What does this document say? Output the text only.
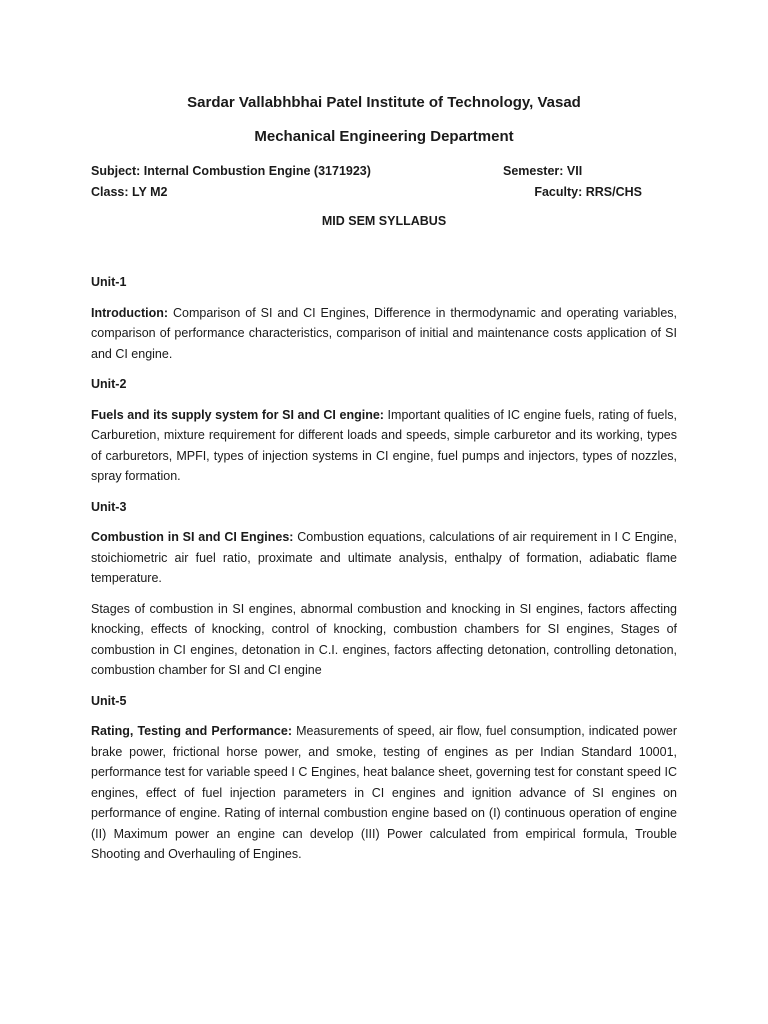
Sardar Vallabhbhai Patel Institute of Technology, Vasad
Mechanical Engineering Department
Subject: Internal Combustion Engine (3171923)	Semester: VII
Class: LY M2	Faculty: RRS/CHS
MID SEM SYLLABUS
Unit-1

Introduction: Comparison of SI and CI Engines, Difference in thermodynamic and operating variables, comparison of performance characteristics, comparison of initial and maintenance costs application of SI and CI engine.

Unit-2

Fuels and its supply system for SI and CI engine: Important qualities of IC engine fuels, rating of fuels, Carburetion, mixture requirement for different loads and speeds, simple carburetor and its working, types of carburetors, MPFI, types of injection systems in CI engine, fuel pumps and injectors, types of nozzles, spray formation.

Unit-3

Combustion in SI and CI Engines: Combustion equations, calculations of air requirement in I C Engine, stoichiometric air fuel ratio, proximate and ultimate analysis, enthalpy of formation, adiabatic flame temperature.

Stages of combustion in SI engines, abnormal combustion and knocking in SI engines, factors affecting knocking, effects of knocking, control of knocking, combustion chambers for SI engines, Stages of combustion in CI engines, detonation in C.I. engines, factors affecting detonation, controlling detonation, combustion chamber for SI and CI engine

Unit-5

Rating, Testing and Performance: Measurements of speed, air flow, fuel consumption, indicated power brake power, frictional horse power, and smoke, testing of engines as per Indian Standard 10001, performance test for variable speed I C Engines, heat balance sheet, governing test for constant speed IC engines, effect of fuel injection parameters in CI engines and ignition advance of SI engines on performance of engine. Rating of internal combustion engine based on (I) continuous operation of engine (II) Maximum power an engine can develop (III) Power calculated from empirical formula, Trouble Shooting and Overhauling of Engines.
